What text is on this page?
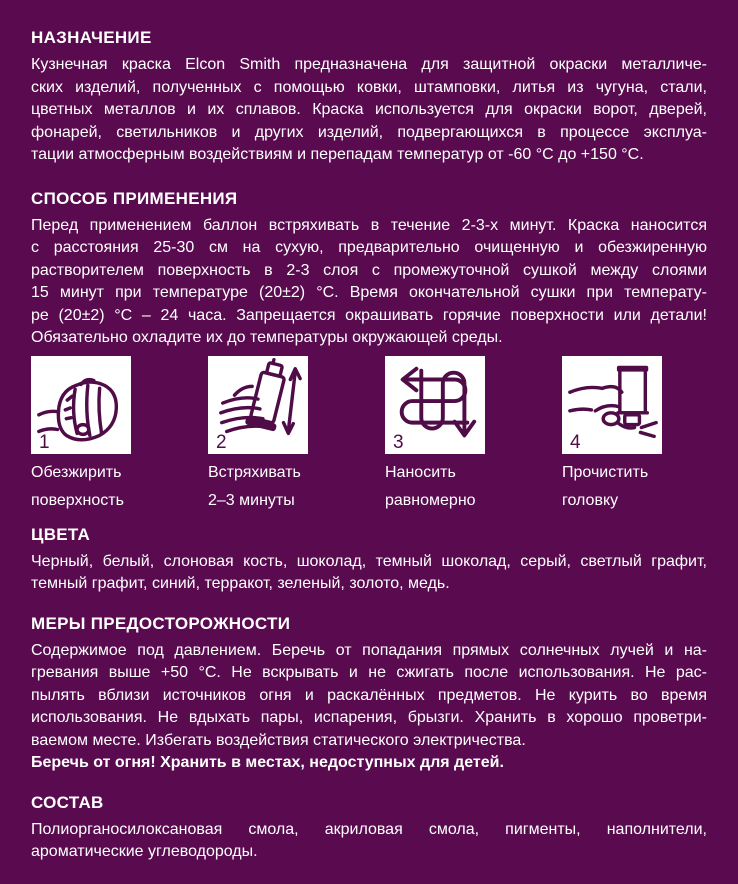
НАЗНАЧЕНИЕ
Кузнечная краска Elcon Smith предназначена для защитной окраски металличе-
ских изделий, полученных с помощью ковки, штамповки, литья из чугуна, стали,
цветных металлов и их сплавов. Краска используется для окраски ворот, дверей,
фонарей, светильников и других изделий, подвергающихся в процессе эксплуа-
тации атмосферным воздействиям и перепадам температур от -60 °С до +150 °С.
СПОСОБ ПРИМЕНЕНИЯ
Перед применением баллон встряхивать в течение 2-3-х минут. Краска наносится
с расстояния 25-30 см на сухую, предварительно очищенную и обезжиренную
растворителем поверхность в 2-3 слоя с промежуточной сушкой между слоями
15 минут при температуре (20±2) °С. Время окончательной сушки при температу-
ре (20±2) °С – 24 часа. Запрещается окрашивать горячие поверхности или детали!
Обязательно охладите их до температуры окружающей среды.
1
Обезжирить
поверхность
2
Встряхивать
2–3 минуты
3
Наносить
равномерно
4
Прочистить
головку
ЦВЕТА
Черный, белый, слоновая кость, шоколад, темный шоколад, серый, светлый графит,
темный графит, синий, терракот, зеленый, золото, медь.
МЕРЫ ПРЕДОСТОРОЖНОСТИ
Содержимое под давлением. Беречь от попадания прямых солнечных лучей и на-
гревания выше +50 °С. Не вскрывать и не сжигать после использования. Не рас-
пылять вблизи источников огня и раскалённых предметов. Не курить во время
использования. Не вдыхать пары, испарения, брызги. Хранить в хорошо проветри-
ваемом месте. Избегать воздействия статического электричества.
Беречь от огня! Хранить в местах, недоступных для детей.
СОСТАВ
Полиорганосилоксановая смола, акриловая смола, пигменты, наполнители,
ароматические углеводороды.
